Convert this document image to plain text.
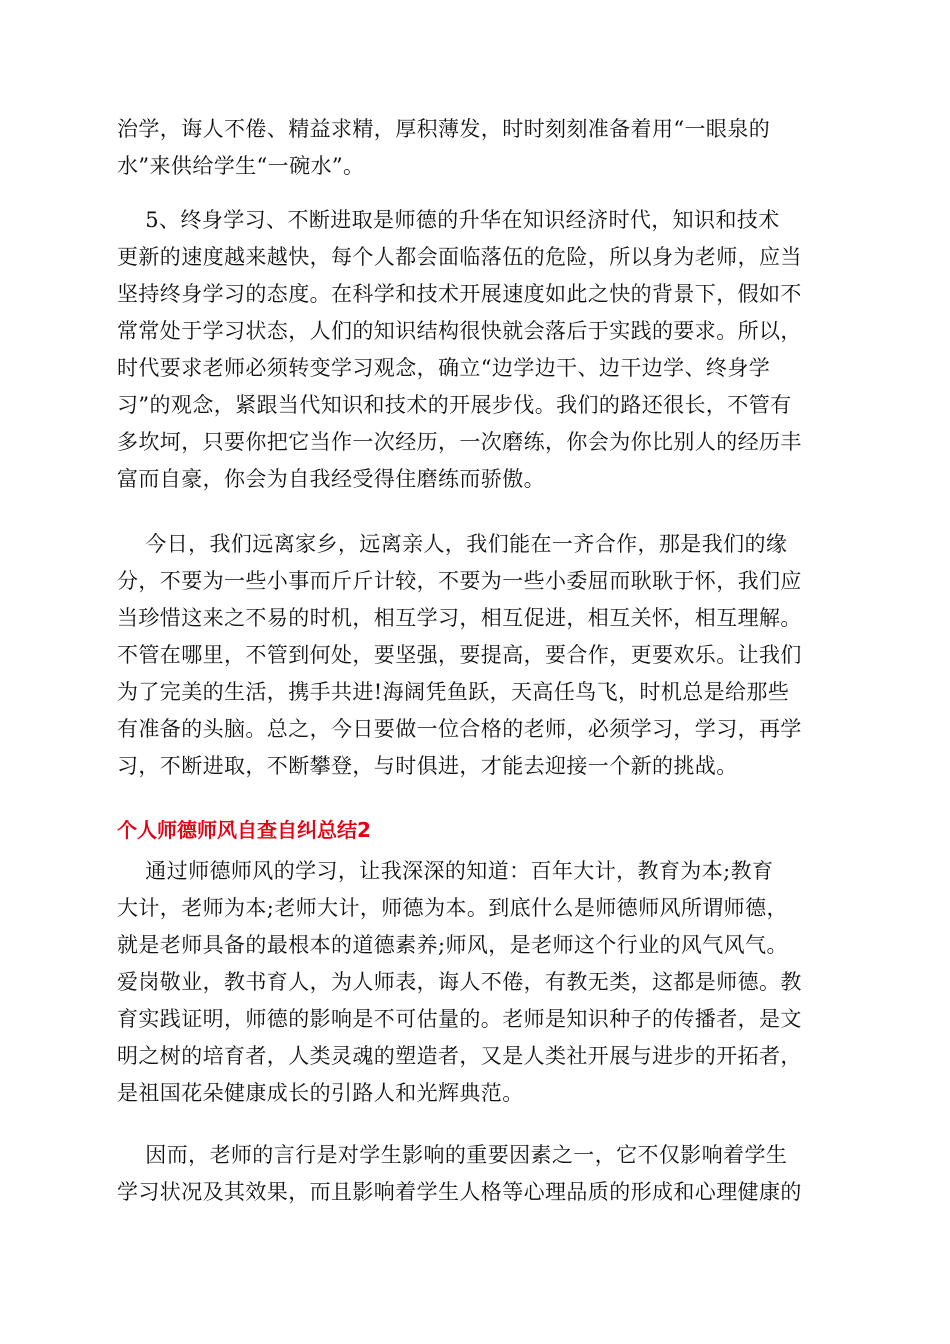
治学，诲人不倦、精益求精，厚积薄发，时时刻刻准备着用“一眼泉的
水”来供给学生“一碗水”。
5、终身学习、不断进取是师德的升华在知识经济时代，知识和技术
更新的速度越来越快，每个人都会面临落伍的危险，所以身为老师，应当
坚持终身学习的态度。在科学和技术开展速度如此之快的背景下，假如不
常常处于学习状态，人们的知识结构很快就会落后于实践的要求。所以，
时代要求老师必须转变学习观念，确立“边学边干、边干边学、终身学
习”的观念，紧跟当代知识和技术的开展步伐。我们的路还很长，不管有
多坎坷，只要你把它当作一次经历，一次磨练，你会为你比别人的经历丰
富而自豪，你会为自我经受得住磨练而骄傲。
今日，我们远离家乡，远离亲人，我们能在一齐合作，那是我们的缘
分，不要为一些小事而斤斤计较，不要为一些小委屈而耿耿于怀，我们应
当珍惜这来之不易的时机，相互学习，相互促进，相互关怀，相互理解。
不管在哪里，不管到何处，要坚强，要提高，要合作，更要欢乐。让我们
为了完美的生活，携手共进!海阔凭鱼跃，天高任鸟飞，时机总是给那些
有准备的头脑。总之，今日要做一位合格的老师，必须学习，学习，再学
习，不断进取，不断攀登，与时俱进，才能去迎接一个新的挑战。
个人师德师风自查自纠总结2
通过师德师风的学习，让我深深的知道：百年大计，教育为本;教育
大计，老师为本;老师大计，师德为本。到底什么是师德师风所谓师德，
就是老师具备的最根本的道德素养;师风，是老师这个行业的风气风气。
爱岗敬业，教书育人，为人师表，诲人不倦，有教无类，这都是师德。教
育实践证明，师德的影响是不可估量的。老师是知识种子的传播者，是文
明之树的培育者，人类灵魂的塑造者，又是人类社开展与进步的开拓者，
是祖国花朵健康成长的引路人和光辉典范。
因而，老师的言行是对学生影响的重要因素之一，它不仅影响着学生
学习状况及其效果，而且影响着学生人格等心理品质的形成和心理健康的
